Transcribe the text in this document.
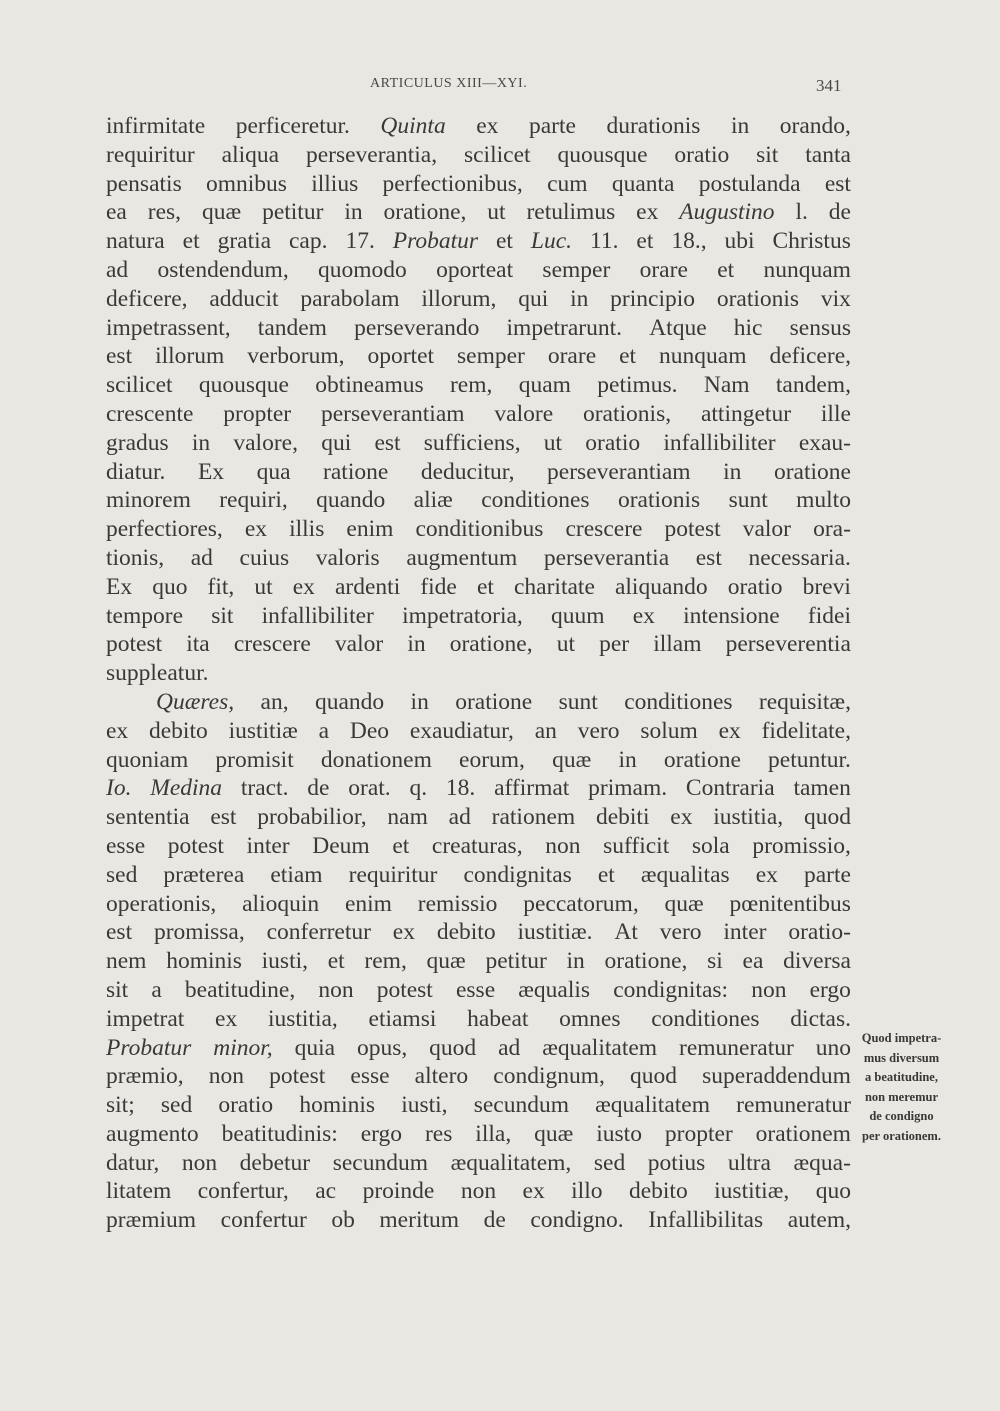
ARTICULUS XIII—XYI.	341
infirmitate perficeretur. Quinta ex parte durationis in orando,
requiritur aliqua perseverantia, scilicet quousque oratio sit tanta
pensatis omnibus illius perfectionibus, cum quanta postulanda est
ea res, quæ petitur in oratione, ut retulimus ex Augustino l. de
natura et gratia cap. 17. Probatur et Luc. 11. et 18., ubi Christus
ad ostendendum, quomodo oporteat semper orare et nunquam
deficere, adducit parabolam illorum, qui in principio orationis vix
impetrassent, tandem perseverando impetrarunt. Atque hic sensus
est illorum verborum, oportet semper orare et nunquam deficere,
scilicet quousque obtineamus rem, quam petimus. Nam tandem,
crescente propter perseverantiam valore orationis, attingetur ille
gradus in valore, qui est sufficiens, ut oratio infallibiliter exau-
diatur. Ex qua ratione deducitur, perseverantiam in oratione
minorem requiri, quando aliæ conditiones orationis sunt multo
perfectiores, ex illis enim conditionibus crescere potest valor ora-
tionis, ad cuius valoris augmentum perseverantia est necessaria.
Ex quo fit, ut ex ardenti fide et charitate aliquando oratio brevi
tempore sit infallibiliter impetratoria, quum ex intensione fidei
potest ita crescere valor in oratione, ut per illam perseverentia
suppleatur.
Quæres, an, quando in oratione sunt conditiones requisitæ,
ex debito iustitiæ a Deo exaudiatur, an vero solum ex fidelitate,
quoniam promisit donationem eorum, quæ in oratione petuntur.
Io. Medina tract. de orat. q. 18. affirmat primam. Contraria tamen
sententia est probabilior, nam ad rationem debiti ex iustitia, quod
esse potest inter Deum et creaturas, non sufficit sola promissio,
sed præterea etiam requiritur condignitas et æqualitas ex parte
operationis, alioquin enim remissio peccatorum, quæ pœnitentibus
est promissa, conferretur ex debito iustitiæ. At vero inter oratio-
nem hominis iusti, et rem, quæ petitur in oratione, si ea diversa
sit a beatitudine, non potest esse æqualis condignitas: non ergo
impetrat ex iustitia, etiamsi habeat omnes conditiones dictas.
Probatur minor, quia opus, quod ad æqualitatem remuneratur uno
præmio, non potest esse altero condignum, quod superaddendum
sit; sed oratio hominis iusti, secundum æqualitatem remuneratur
augmento beatitudinis: ergo res illa, quæ iusto propter orationem
datur, non debetur secundum æqualitatem, sed potius ultra æqua-
litatem confertur, ac proinde non ex illo debito iustitiæ, quo
præmium confertur ob meritum de condigno. Infallibilitas autem,
Quod impetra-
mus diversum
a beatitudine,
non meremur
de condigno
per orationem.
